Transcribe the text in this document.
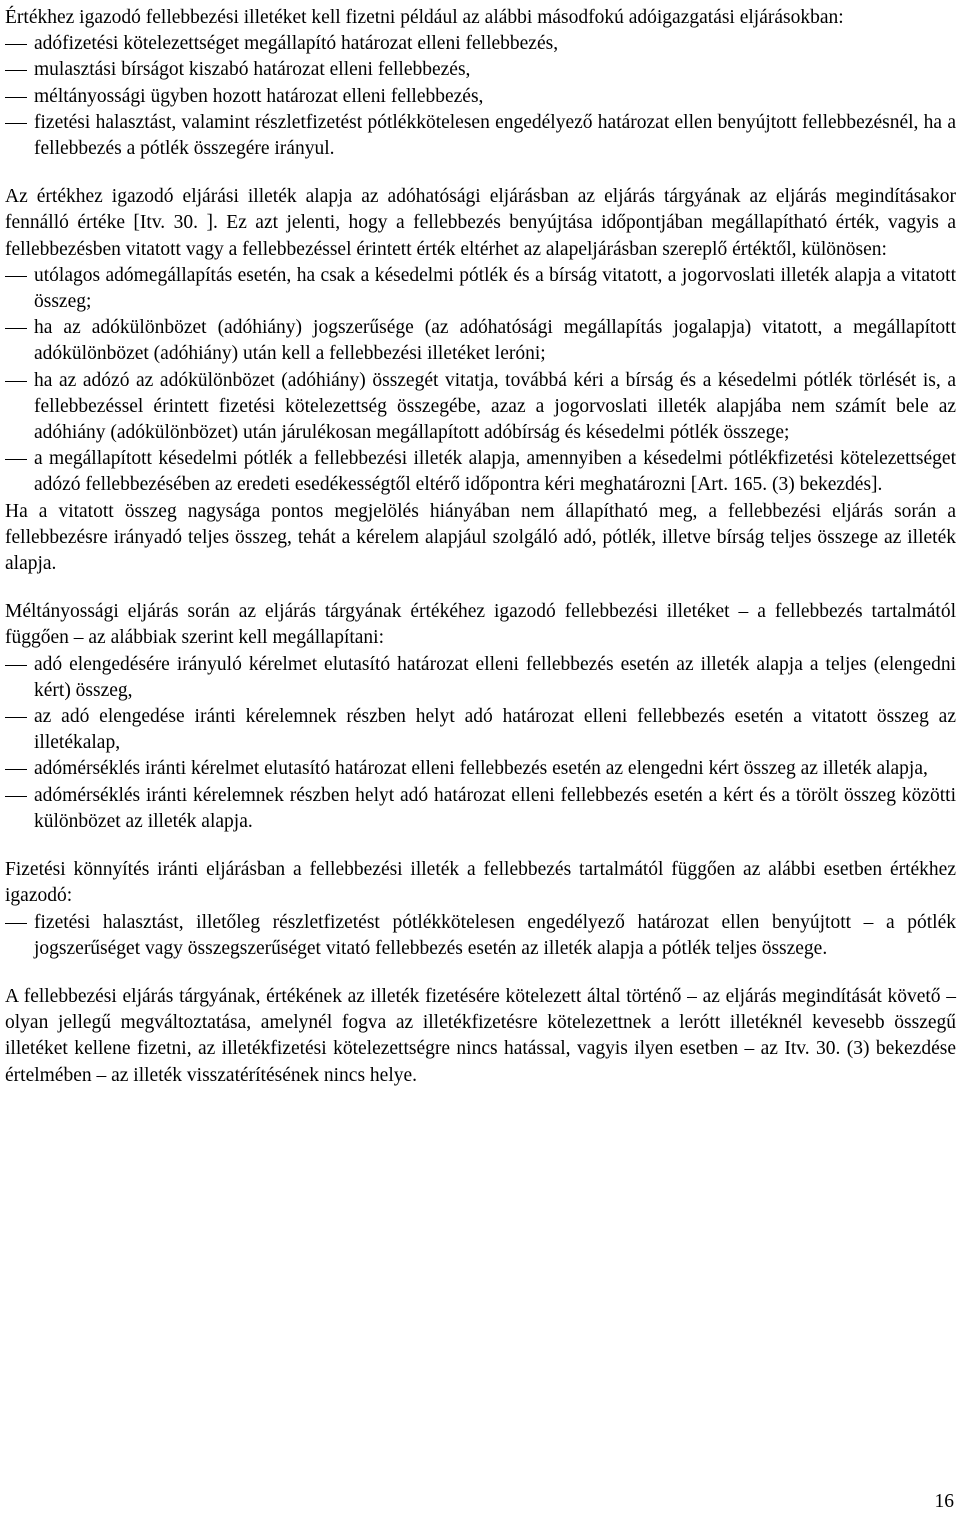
Értékhez igazodó fellebbezési illetéket kell fizetni például az alábbi másodfokú adóigazgatási eljárásokban:

adófizetési kötelezettséget megállapító határozat elleni fellebbezés,
mulasztási bírságot kiszabó határozat elleni fellebbezés,
méltányossági ügyben hozott határozat elleni fellebbezés,
fizetési halasztást, valamint részletfizetést pótlékkötelesen engedélyező határozat ellen benyújtott fellebbezésnél, ha a fellebbezés a pótlék összegére irányul.

Az értékhez igazodó eljárási illeték alapja az adóhatósági eljárásban az eljárás tárgyának az eljárás megindításakor fennálló értéke [Itv. 30. ]. Ez azt jelenti, hogy a fellebbezés benyújtása időpontjában megállapítható érték, vagyis a fellebbezésben vitatott vagy a fellebbezéssel érintett érték eltérhet az alapeljárásban szereplő értéktől, különösen:

utólagos adómegállapítás esetén, ha csak a késedelmi pótlék és a bírság vitatott, a jogorvoslati illeték alapja a vitatott összeg;
ha az adókülönbözet (adóhiány) jogszerűsége (az adóhatósági megállapítás jogalapja) vitatott, a megállapított adókülönbözet (adóhiány) után kell a fellebbezési illetéket leróni;
ha az adózó az adókülönbözet (adóhiány) összegét vitatja, továbbá kéri a bírság és a késedelmi pótlék törlését is, a fellebbezéssel érintett fizetési kötelezettség összegébe, azaz a jogorvoslati illeték alapjába nem számít bele az adóhiány (adókülönbözet) után járulékosan megállapított adóbírság és késedelmi pótlék összege;
a megállapított késedelmi pótlék a fellebbezési illeték alapja, amennyiben a késedelmi pótlékfizetési kötelezettséget adózó fellebbezésében az eredeti esedékességtől eltérő időpontra kéri meghatározni [Art. 165. (3) bekezdés].

Ha a vitatott összeg nagysága pontos megjelölés hiányában nem állapítható meg, a fellebbezési eljárás során a fellebbezésre irányadó teljes összeg, tehát a kérelem alapjául szolgáló adó, pótlék, illetve bírság teljes összege az illeték alapja.

Méltányossági eljárás során az eljárás tárgyának értékéhez igazodó fellebbezési illetéket – a fellebbezés tartalmától függően – az alábbiak szerint kell megállapítani:

adó elengedésére irányuló kérelmet elutasító határozat elleni fellebbezés esetén az illeték alapja a teljes (elengedni kért) összeg,
az adó elengedése iránti kérelemnek részben helyt adó határozat elleni fellebbezés esetén a vitatott összeg az illetékalap,
adómérséklés iránti kérelmet elutasító határozat elleni fellebbezés esetén az elengedni kért összeg az illeték alapja,
adómérséklés iránti kérelemnek részben helyt adó határozat elleni fellebbezés esetén a kért és a törölt összeg közötti különbözet az illeték alapja.

Fizetési könnyítés iránti eljárásban a fellebbezési illeték a fellebbezés tartalmától függően az alábbi esetben értékhez igazodó:

fizetési halasztást, illetőleg részletfizetést pótlékkötelesen engedélyező határozat ellen benyújtott – a pótlék jogszerűséget vagy összegszerűséget vitató fellebbezés esetén az illeték alapja a pótlék teljes összege.

A fellebbezési eljárás tárgyának, értékének az illeték fizetésére kötelezett által történő – az eljárás megindítását követő – olyan jellegű megváltoztatása, amelynél fogva az illetékfizetésre kötelezettnek a lerótt illetéknél kevesebb összegű illetéket kellene fizetni, az illetékfizetési kötelezettségre nincs hatással, vagyis ilyen esetben – az Itv. 30. (3) bekezdése értelmében – az illeték visszatérítésének nincs helye.

16
